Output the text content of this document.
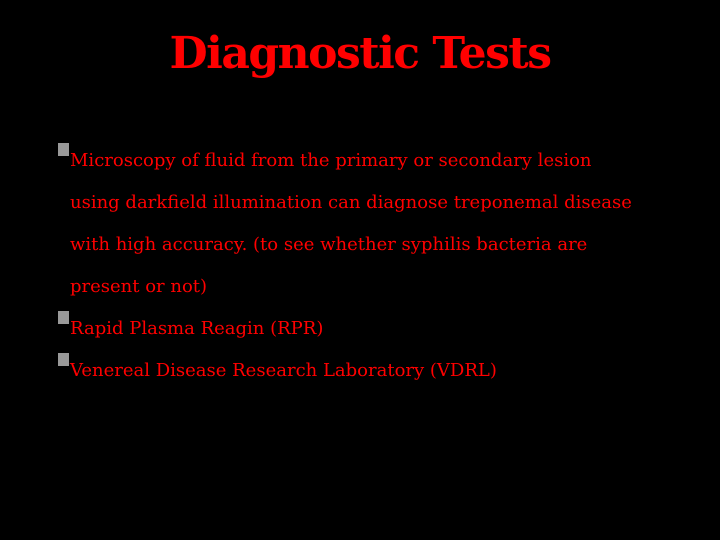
Diagnostic Tests
Microscopy of fluid from the primary or secondary lesion
using darkfield illumination can diagnose treponemal disease
with high accuracy. (to see whether syphilis bacteria are
present or not)
Rapid Plasma Reagin (RPR)
Venereal Disease Research Laboratory (VDRL)
